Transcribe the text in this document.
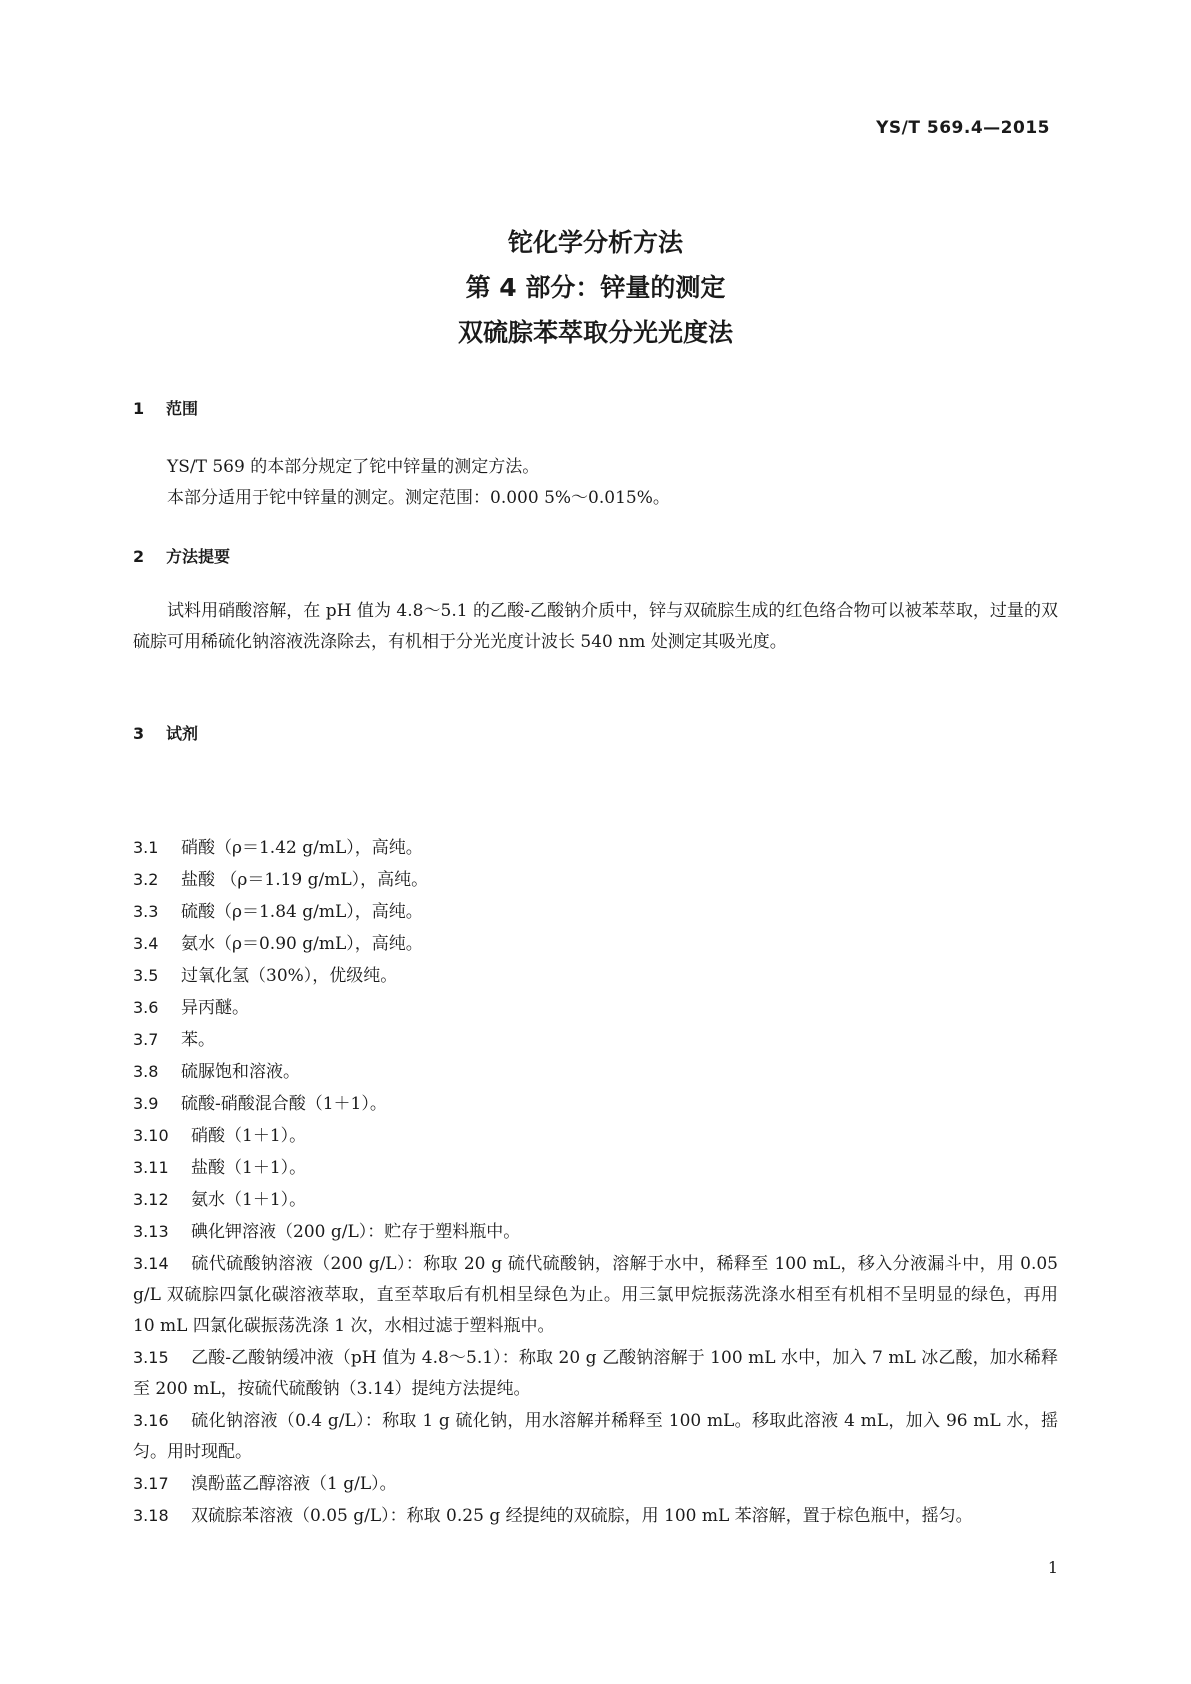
YS/T 569.4—2015
铊化学分析方法
第 4 部分：锌量的测定
双硫腙苯萃取分光光度法
1 范围

YS/T 569 的本部分规定了铊中锌量的测定方法。

本部分适用于铊中锌量的测定。测定范围：0.000 5%～0.015%。

2 方法提要

试料用硝酸溶解，在 pH 值为 4.8～5.1 的乙酸-乙酸钠介质中，锌与双硫腙生成的红色络合物可以被苯萃取，过量的双硫腙可用稀硫化钠溶液洗涤除去，有机相于分光光度计波长 540 nm 处测定其吸光度。

3 试剂
3.1 硝酸（ρ＝1.42 g/mL），高纯。
3.2 盐酸 （ρ＝1.19 g/mL），高纯。
3.3 硫酸（ρ＝1.84 g/mL），高纯。
3.4 氨水（ρ＝0.90 g/mL），高纯。
3.5 过氧化氢（30%），优级纯。
3.6 异丙醚。
3.7 苯。
3.8 硫脲饱和溶液。
3.9 硫酸-硝酸混合酸（1＋1）。
3.10 硝酸（1＋1）。
3.11 盐酸（1＋1）。
3.12 氨水（1＋1）。
3.13 碘化钾溶液（200 g/L）：贮存于塑料瓶中。
3.14 硫代硫酸钠溶液（200 g/L）：称取 20 g 硫代硫酸钠，溶解于水中，稀释至 100 mL，移入分液漏斗中，用 0.05 g/L 双硫腙四氯化碳溶液萃取，直至萃取后有机相呈绿色为止。用三氯甲烷振荡洗涤水相至有机相不呈明显的绿色，再用 10 mL 四氯化碳振荡洗涤 1 次，水相过滤于塑料瓶中。
3.15 乙酸-乙酸钠缓冲液（pH 值为 4.8～5.1）：称取 20 g 乙酸钠溶解于 100 mL 水中，加入 7 mL 冰乙酸，加水稀释至 200 mL，按硫代硫酸钠（3.14）提纯方法提纯。
3.16 硫化钠溶液（0.4 g/L）：称取 1 g 硫化钠，用水溶解并稀释至 100 mL。移取此溶液 4 mL，加入 96 mL 水，摇匀。用时现配。
3.17 溴酚蓝乙醇溶液（1 g/L）。
3.18 双硫腙苯溶液（0.05 g/L）：称取 0.25 g 经提纯的双硫腙，用 100 mL 苯溶解，置于棕色瓶中，摇匀。
1
